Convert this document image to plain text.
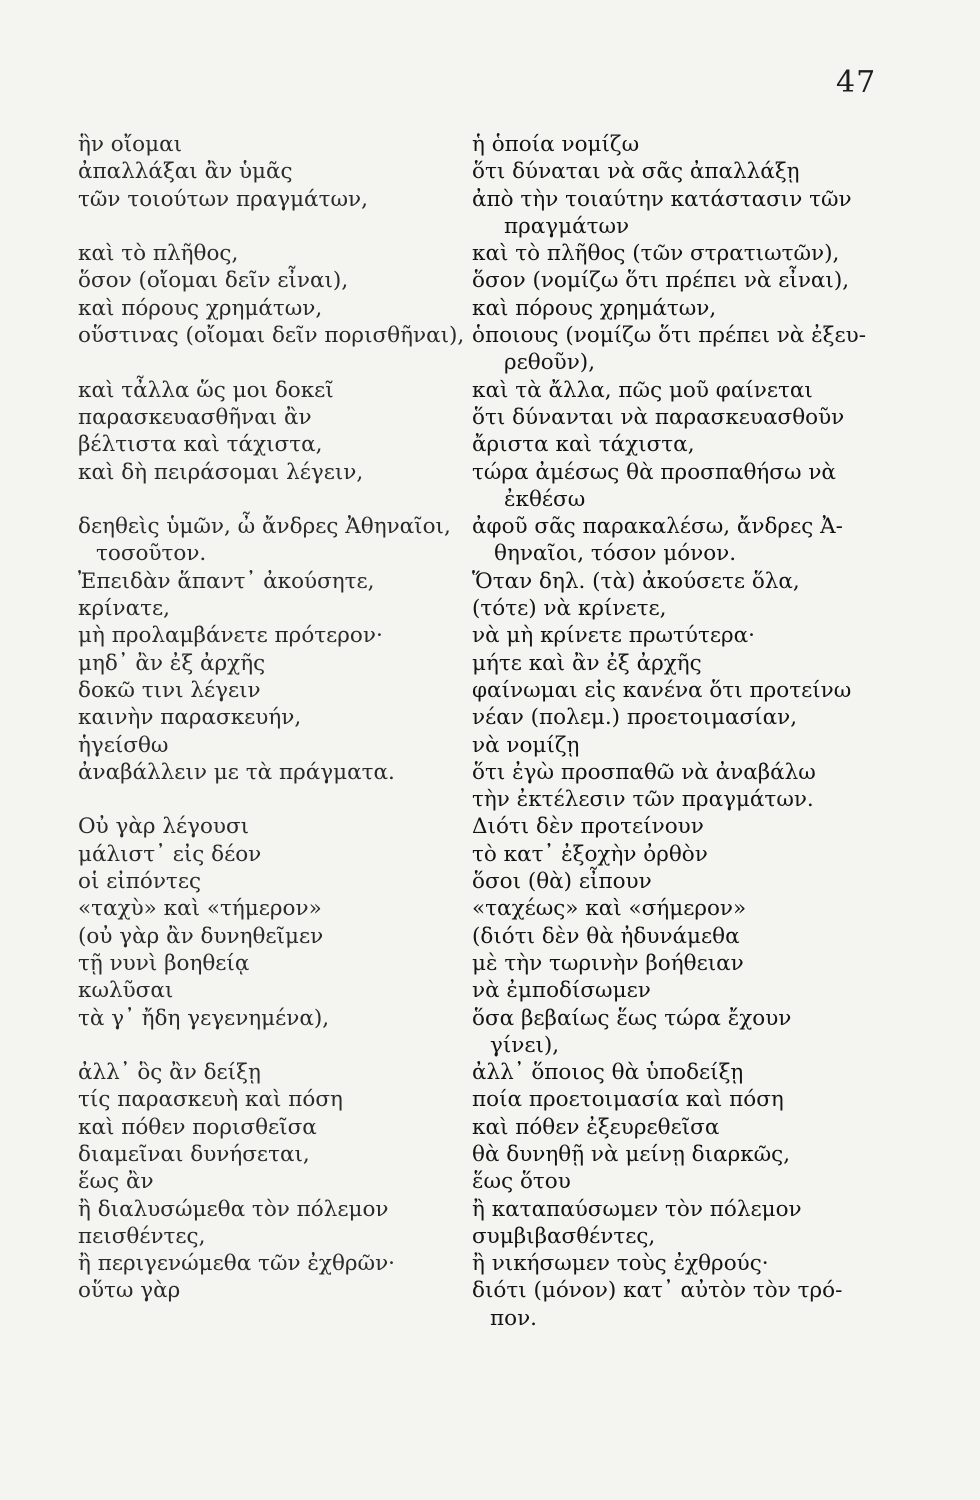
47
ἣν οἴομαι
ἀπαλλάξαι ἂν ὑμᾶς
τῶν τοιούτων πραγμάτων,
καὶ τὸ πλῆθος,
ὅσον (οἴομαι δεῖν εἶναι),
καὶ πόρους χρημάτων,
οὕστινας (οἴομαι δεῖν πορισθῆναι),
καὶ τἆλλα ὥς μοι δοκεῖ
παρασκευασθῆναι ἂν
βέλτιστα καὶ τάχιστα,
καὶ δὴ πειράσομαι λέγειν,
δεηθεὶς ὑμῶν, ὦ ἄνδρες Ἀθηναῖοι,
τοσοῦτον.
Ἐπειδὰν ἅπαντ᾽ ἀκούσητε,
κρίνατε,
μὴ προλαμβάνετε πρότερον·
μηδ᾽ ἂν ἐξ ἀρχῆς
δοκῶ τινι λέγειν
καινὴν παρασκευήν,
ἡγείσθω
ἀναβάλλειν με τὰ πράγματα.
Οὐ γὰρ λέγουσι
μάλιστ᾽ εἰς δέον
οἱ εἰπόντες
«ταχὺ» καὶ «τήμερον»
(οὐ γὰρ ἂν δυνηθεῖμεν
τῇ νυνὶ βοηθείᾳ
κωλῦσαι
τὰ γ᾽ ἤδη γεγενημένα),
ἀλλ᾽ ὃς ἂν δείξῃ
τίς παρασκευὴ καὶ πόση
καὶ πόθεν πορισθεῖσα
διαμεῖναι δυνήσεται,
ἕως ἂν
ἢ διαλυσώμεθα τὸν πόλεμον
πεισθέντες,
ἢ περιγενώμεθα τῶν ἐχθρῶν·
οὕτω γὰρ
ἡ ὁποία νομίζω
ὅτι δύναται νὰ σᾶς ἀπαλλάξῃ
ἀπὸ τὴν τοιαύτην κατάστασιν τῶν
πραγμάτων
καὶ τὸ πλῆθος (τῶν στρατιωτῶν),
ὅσον (νομίζω ὅτι πρέπει νὰ εἶναι),
καὶ πόρους χρημάτων,
ὁποιους (νομίζω ὅτι πρέπει νὰ ἐξευ-
ρεθοῦν),
καὶ τὰ ἄλλα, πῶς μοῦ φαίνεται
ὅτι δύνανται νὰ παρασκευασθοῦν
ἄριστα καὶ τάχιστα,
τώρα ἀμέσως θὰ προσπαθήσω νὰ
ἐκθέσω
ἀφοῦ σᾶς παρακαλέσω, ἄνδρες Ἀ-
θηναῖοι, τόσον μόνον.
Ὅταν δηλ. (τὰ) ἀκούσετε ὅλα,
(τότε) νὰ κρίνετε,
νὰ μὴ κρίνετε πρωτύτερα·
μήτε καὶ ἂν ἐξ ἀρχῆς
φαίνωμαι εἰς κανένα ὅτι προτείνω
νέαν (πολεμ.) προετοιμασίαν,
νὰ νομίζῃ
ὅτι ἐγὼ προσπαθῶ νὰ ἀναβάλω
τὴν ἐκτέλεσιν τῶν πραγμάτων.
Διότι δὲν προτείνουν
τὸ κατ᾽ ἐξοχὴν ὀρθὸν
ὅσοι (θὰ) εἶπουν
«ταχέως» καὶ «σήμερον»
(διότι δὲν θὰ ἠδυνάμεθα
μὲ τὴν τωρινὴν βοήθειαν
νὰ ἐμποδίσωμεν
ὅσα βεβαίως ἕως τώρα ἔχουν
γίνει),
ἀλλ᾽ ὅποιος θὰ ὑποδείξῃ
ποία προετοιμασία καὶ πόση
καὶ πόθεν ἐξευρεθεῖσα
θὰ δυνηθῇ νὰ μείνῃ διαρκῶς,
ἕως ὅτου
ἢ καταπαύσωμεν τὸν πόλεμον
συμβιβασθέντες,
ἢ νικήσωμεν τοὺς ἐχθρούς·
διότι (μόνον) κατ᾽ αὐτὸν τὸν τρό-
πον.
